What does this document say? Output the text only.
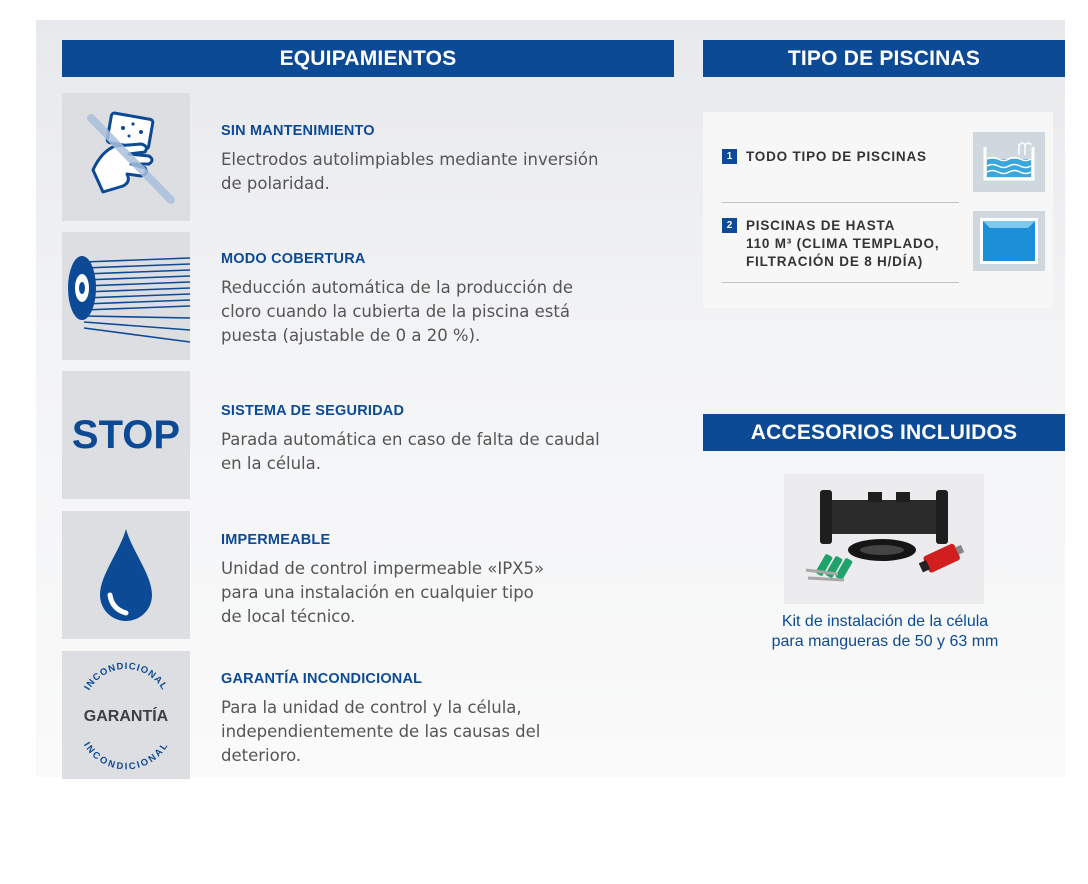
EQUIPAMIENTOS
SIN MANTENIMIENTO
Electrodos autolimpiables mediante inversión
de polaridad.
MODO COBERTURA
Reducción automática de la producción de
cloro cuando la cubierta de la piscina está
puesta (ajustable de 0 a 20 %).
STOP
SISTEMA DE SEGURIDAD
Parada automática en caso de falta de caudal
en la célula.
IMPERMEABLE
Unidad de control impermeable «IPX5»
para una instalación en cualquier tipo
de local técnico.
INCONDICIONAL
INCONDICIONAL
GARANTÍA
GARANTÍA INCONDICIONAL
Para la unidad de control y la célula,
independientemente de las causas del
deterioro.
TIPO DE PISCINAS
1	TODO TIPO DE PISCINAS
2	PISCINAS DE HASTA
110 M³ (CLIMA TEMPLADO,
FILTRACIÓN DE 8 H/DÍA)
ACCESORIOS INCLUIDOS
Kit de instalación de la célula
para mangueras de 50 y 63 mm
